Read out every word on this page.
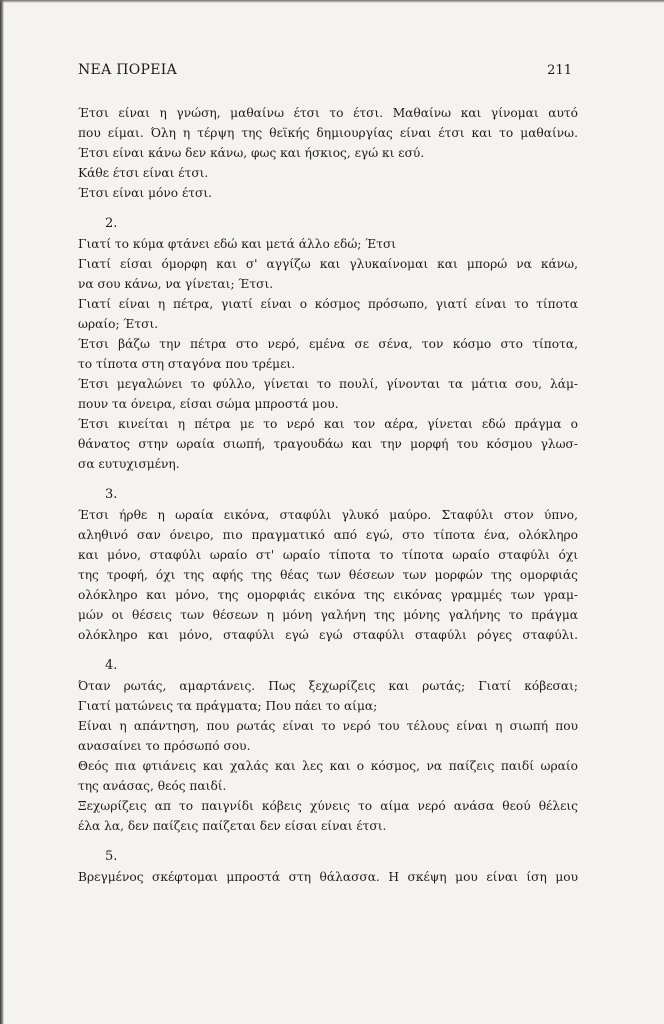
ΝΕΑ ΠΟΡΕΙΑ	211
Έτσι είναι η γνώση, μαθαίνω έτσι το έτσι. Μαθαίνω και γίνομαι αυτό
που είμαι. Όλη η τέρψη της θεϊκής δημιουργίας είναι έτσι και το μαθαίνω.
Έτσι είναι κάνω δεν κάνω, φως και ήσκιος, εγώ κι εσύ.
Κάθε έτσι είναι έτσι.
Έτσι είναι μόνο έτσι.
2.
Γιατί το κύμα φτάνει εδώ και μετά άλλο εδώ; Έτσι
Γιατί είσαι όμορφη και σ' αγγίζω και γλυκαίνομαι και μπορώ να κάνω,
να σου κάνω, να γίνεται; Έτσι.
Γιατί είναι η πέτρα, γιατί είναι ο κόσμος πρόσωπο, γιατί είναι το τίποτα
ωραίο; Έτσι.
Έτσι βάζω την πέτρα στο νερό, εμένα σε σένα, τον κόσμο στο τίποτα,
το τίποτα στη σταγόνα που τρέμει.
Έτσι μεγαλώνει το φύλλο, γίνεται το πουλί, γίνονται τα μάτια σου, λάμ-
πουν τα όνειρα, είσαι σώμα μπροστά μου.
Έτσι κινείται η πέτρα με το νερό και τον αέρα, γίνεται εδώ πράγμα ο
θάνατος στην ωραία σιωπή, τραγουδάω και την μορφή του κόσμου γλωσ-
σα ευτυχισμένη.
3.
Έτσι ήρθε η ωραία εικόνα, σταφύλι γλυκό μαύρο. Σταφύλι στον ύπνο,
αληθινό σαν όνειρο, πιο πραγματικό από εγώ, στο τίποτα ένα, ολόκληρο
και μόνο, σταφύλι ωραίο στ' ωραίο τίποτα το τίποτα ωραίο σταφύλι όχι
της τροφή, όχι της αφής της θέας των θέσεων των μορφών της ομορφιάς
ολόκληρο και μόνο, της ομορφιάς εικόνα της εικόνας γραμμές των γραμ-
μών οι θέσεις των θέσεων η μόνη γαλήνη της μόνης γαλήνης το πράγμα
ολόκληρο και μόνο, σταφύλι εγώ εγώ σταφύλι σταφύλι ρόγες σταφύλι.
4.
Όταν ρωτάς, αμαρτάνεις. Πως ξεχωρίζεις και ρωτάς; Γιατί κόβεσαι;
Γιατί ματώνεις τα πράγματα; Που πάει το αίμα;
Είναι η απάντηση, που ρωτάς είναι το νερό του τέλους είναι η σιωπή που
ανασαίνει το πρόσωπό σου.
Θεός πια φτιάνεις και χαλάς και λες και ο κόσμος, να παίζεις παιδί ωραίο
της ανάσας, θεός παιδί.
Ξεχωρίζεις απ το παιγνίδι κόβεις χύνεις το αίμα νερό ανάσα θεού θέλεις
έλα λα, δεν παίζεις παίζεται δεν είσαι είναι έτσι.
5.
Βρεγμένος σκέφτομαι μπροστά στη θάλασσα. Η σκέψη μου είναι ίση μου
